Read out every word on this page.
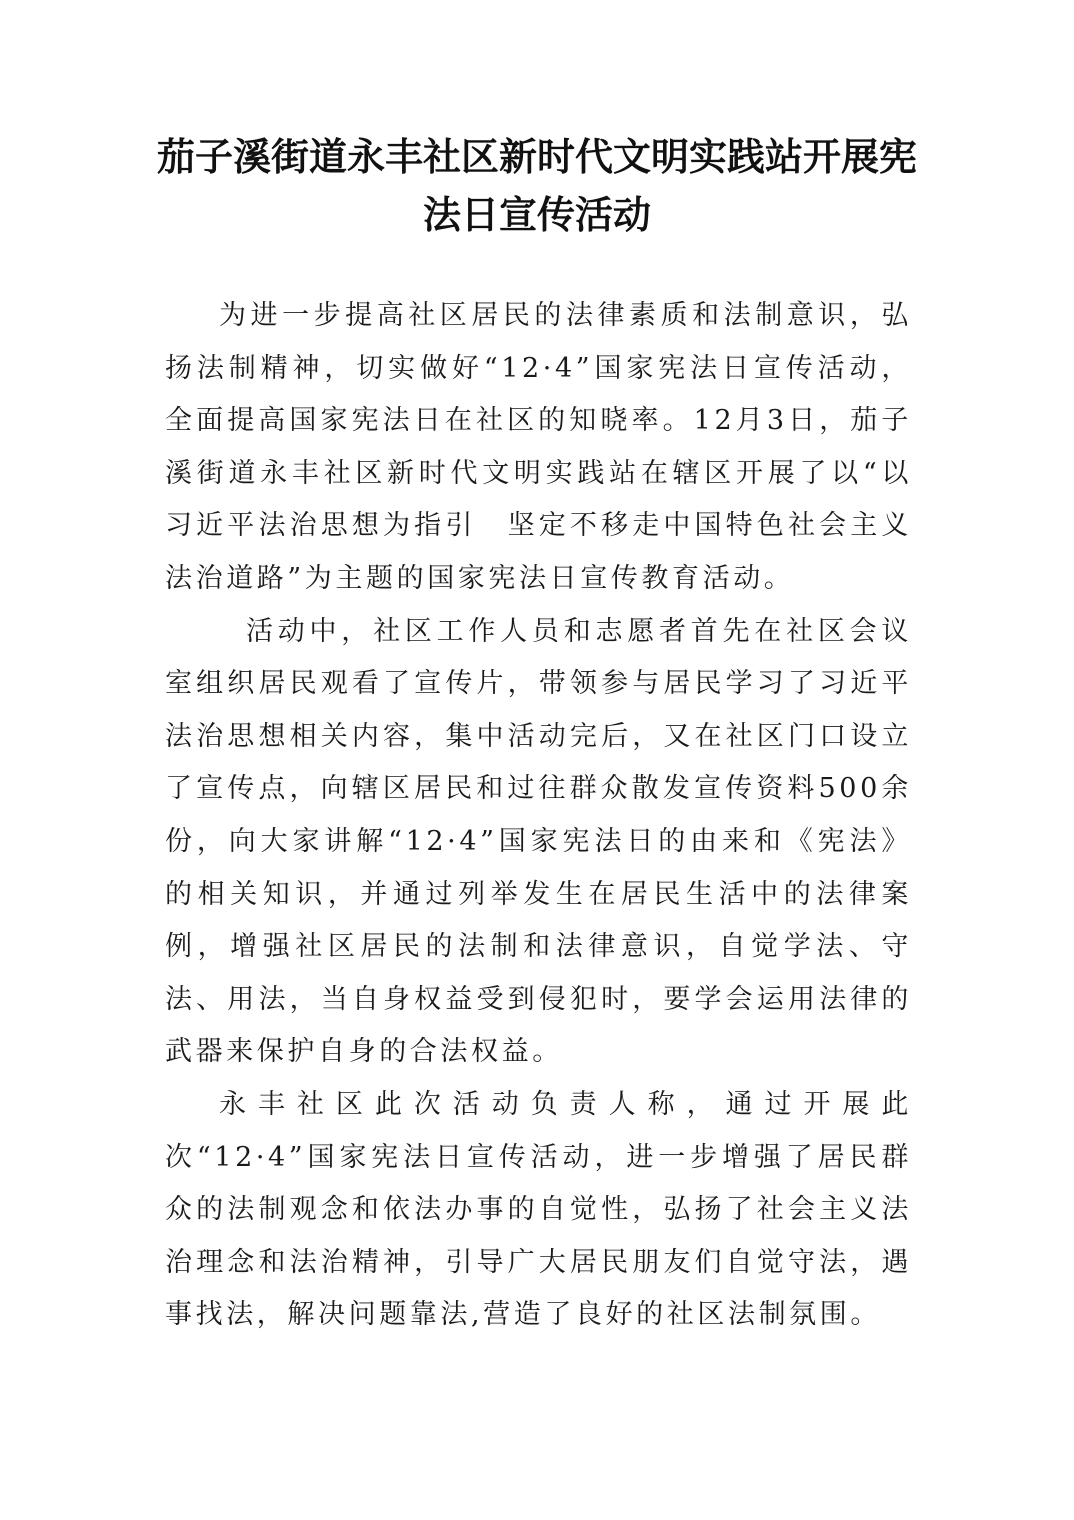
茄子溪街道永丰社区新时代文明实践站开展宪法日宣传活动

为进一步提高社区居民的法律素质和法制意识，弘扬法制精神，切实做好“12·4”国家宪法日宣传活动，全面提高国家宪法日在社区的知晓率。12月3日，茄子溪街道永丰社区新时代文明实践站在辖区开展了以“以习近平法治思想为指引　坚定不移走中国特色社会主义法治道路”为主题的国家宪法日宣传教育活动。

活动中，社区工作人员和志愿者首先在社区会议室组织居民观看了宣传片，带领参与居民学习了习近平法治思想相关内容，集中活动完后，又在社区门口设立了宣传点，向辖区居民和过往群众散发宣传资料500余份，向大家讲解“12·4”国家宪法日的由来和《宪法》的相关知识，并通过列举发生在居民生活中的法律案例，增强社区居民的法制和法律意识，自觉学法、守法、用法，当自身权益受到侵犯时，要学会运用法律的武器来保护自身的合法权益。

永丰社区此次活动负责人称，通过开展此次“12·4”国家宪法日宣传活动，进一步增强了居民群众的法制观念和依法办事的自觉性，弘扬了社会主义法治理念和法治精神，引导广大居民朋友们自觉守法，遇事找法，解决问题靠法,营造了良好的社区法制氛围。
